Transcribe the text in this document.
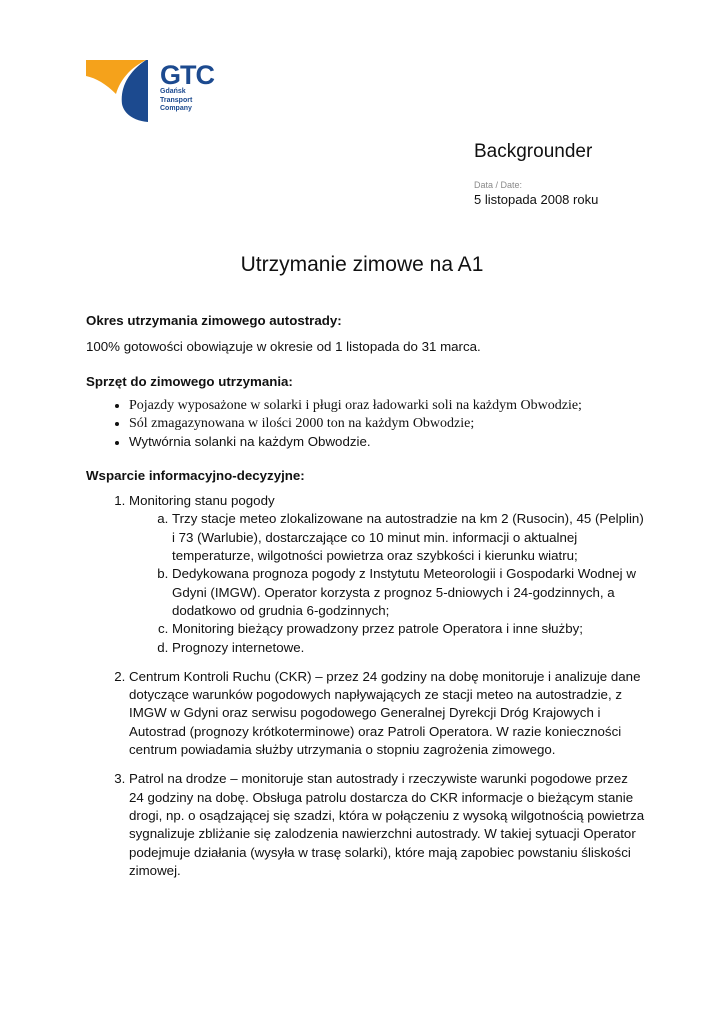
GTC
Gdańsk
Transport
Company
Backgrounder
Data / Date:
5 listopada 2008 roku
Utrzymanie zimowe na A1

Okres utrzymania zimowego autostrady:

100% gotowości obowiązuje w okresie od 1 listopada do 31 marca.

Sprzęt do zimowego utrzymania:

• Pojazdy wyposażone w solarki i pługi oraz ładowarki soli na każdym Obwodzie;
• Sól zmagazynowana w ilości 2000 ton na każdym Obwodzie;
• Wytwórnia solanki na każdym Obwodzie.

Wsparcie informacyjno-decyzyjne:

1. Monitoring stanu pogody
a. Trzy stacje meteo zlokalizowane na autostradzie na km 2 (Rusocin), 45 (Pelplin) i 73 (Warlubie), dostarczające co 10 minut min. informacji o aktualnej temperaturze, wilgotności powietrza oraz szybkości i kierunku wiatru;
b. Dedykowana prognoza pogody z Instytutu Meteorologii i Gospodarki Wodnej w Gdyni (IMGW). Operator korzysta z prognoz 5-dniowych i 24-godzinnych, a dodatkowo od grudnia 6-godzinnych;
c. Monitoring bieżący prowadzony przez patrole Operatora i inne służby;
d. Prognozy internetowe.
2. Centrum Kontroli Ruchu (CKR) – przez 24 godziny na dobę monitoruje i analizuje dane dotyczące warunków pogodowych napływających ze stacji meteo na autostradzie, z IMGW w Gdyni oraz serwisu pogodowego Generalnej Dyrekcji Dróg Krajowych i Autostrad (prognozy krótkoterminowe) oraz Patroli Operatora. W razie konieczności centrum powiadamia służby utrzymania o stopniu zagrożenia zimowego.
3. Patrol na drodze – monitoruje stan autostrady i rzeczywiste warunki pogodowe przez 24 godziny na dobę. Obsługa patrolu dostarcza do CKR informacje o bieżącym stanie drogi, np. o osądzającej się szadzi, która w połączeniu z wysoką wilgotnością powietrza sygnalizuje zbliżanie się zalodzenia nawierzchni autostrady. W takiej sytuacji Operator podejmuje działania (wysyła w trasę solarki), które mają zapobiec powstaniu śliskości zimowej.
